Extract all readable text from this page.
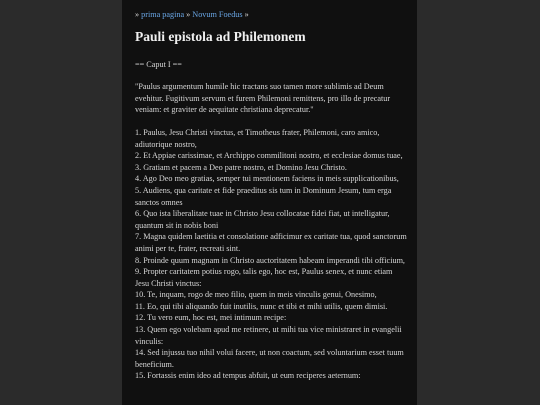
» prima pagina » Novum Foedus »
Pauli epistola ad Philemonem
== Caput I ==
"Paulus argumentum humile hic tractans suo tamen more sublimis ad Deum evehitur. Fugitivum servum et furem Philemoni remittens, pro illo de precatur veniam: et graviter de aequitate christiana deprecatur."
1. Paulus, Jesu Christi vinctus, et Timotheus frater, Philemoni, caro amico, adiutorique nostro,
2. Et Appiae carissimae, et Archippo commilitoni nostro, et ecclesiae domus tuae,
3. Gratiam et pacem a Deo patre nostro, et Domino Jesu Christo.
4. Ago Deo meo gratias, semper tui mentionem faciens in meis supplicationibus,
5. Audiens, qua caritate et fide praeditus sis tum in Dominum Jesum, tum erga sanctos omnes
6. Quo ista liberalitate tuae in Christo Jesu collocatae fidei fiat, ut intelligatur, quantum sit in nobis boni
7. Magna quidem laetitia et consolatione adficimur ex caritate tua, quod sanctorum animi per te, frater, recreati sint.
8. Proinde quum magnam in Christo auctoritatem habeam imperandi tibi officium,
9. Propter caritatem potius rogo, talis ego, hoc est, Paulus senex, et nunc etiam Jesu Christi vinctus:
10. Te, inquam, rogo de meo filio, quem in meis vinculis genui, Onesimo,
11. Eo, qui tibi aliquando fuit inutilis, nunc et tibi et mihi utilis, quem dimisi.
12. Tu vero eum, hoc est, mei intimum recipe:
13. Quem ego volebam apud me retinere, ut mihi tua vice ministraret in evangelii vinculis:
14. Sed injussu tuo nihil volui facere, ut non coactum, sed voluntarium esset tuum beneficium.
15. Fortassis enim ideo ad tempus abfuit, ut eum reciperes aeternum:
